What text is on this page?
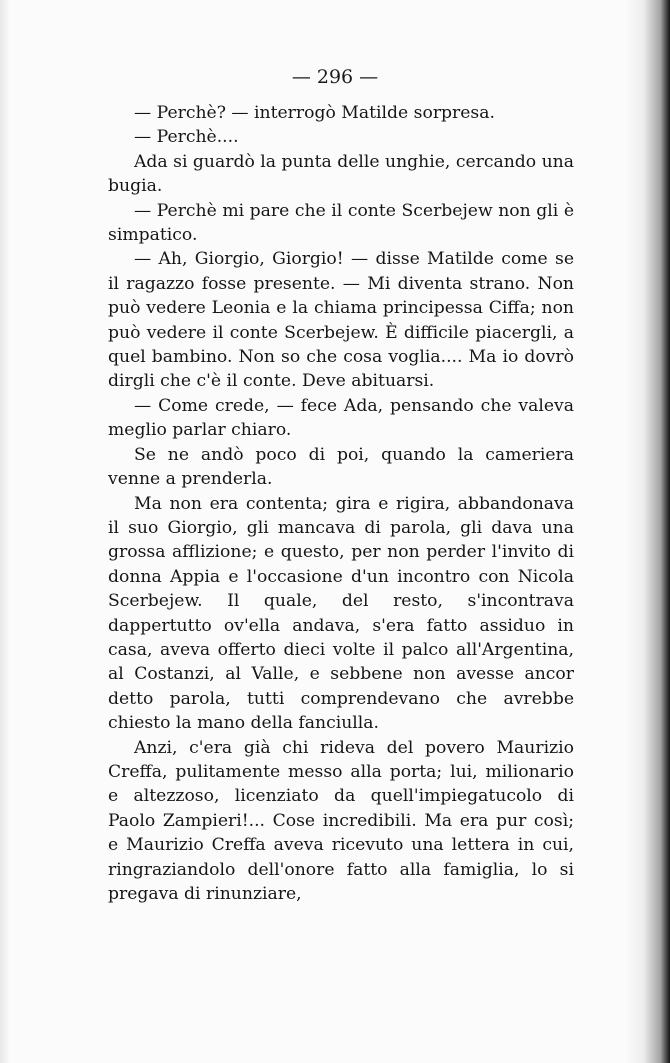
— 296 —

— Perchè? — interrogò Matilde sorpresa.

— Perchè....

Ada si guardò la punta delle unghie, cercando una bugia.

— Perchè mi pare che il conte Scerbejew non gli è simpatico.

— Ah, Giorgio, Giorgio! — disse Matilde come se il ragazzo fosse presente. — Mi diventa strano. Non può vedere Leonia e la chiama principessa Ciffa; non può vedere il conte Scerbejew. È difficile piacergli, a quel bambino. Non so che cosa voglia.... Ma io dovrò dirgli che c'è il conte. Deve abituarsi.

— Come crede, — fece Ada, pensando che valeva meglio parlar chiaro.

Se ne andò poco di poi, quando la cameriera venne a prenderla.

Ma non era contenta; gira e rigira, abbandonava il suo Giorgio, gli mancava di parola, gli dava una grossa afflizione; e questo, per non perder l'invito di donna Appia e l'occasione d'un incontro con Nicola Scerbejew. Il quale, del resto, s'incontrava dappertutto ov'ella andava, s'era fatto assiduo in casa, aveva offerto dieci volte il palco all'Argentina, al Costanzi, al Valle, e sebbene non avesse ancor detto parola, tutti comprendevano che avrebbe chiesto la mano della fanciulla.

Anzi, c'era già chi rideva del povero Maurizio Creffa, pulitamente messo alla porta; lui, milionario e altezzoso, licenziato da quell'impiegatucolo di Paolo Zampieri!... Cose incredibili. Ma era pur così; e Maurizio Creffa aveva ricevuto una lettera in cui, ringraziandolo dell'onore fatto alla famiglia, lo si pregava di rinunziare,
